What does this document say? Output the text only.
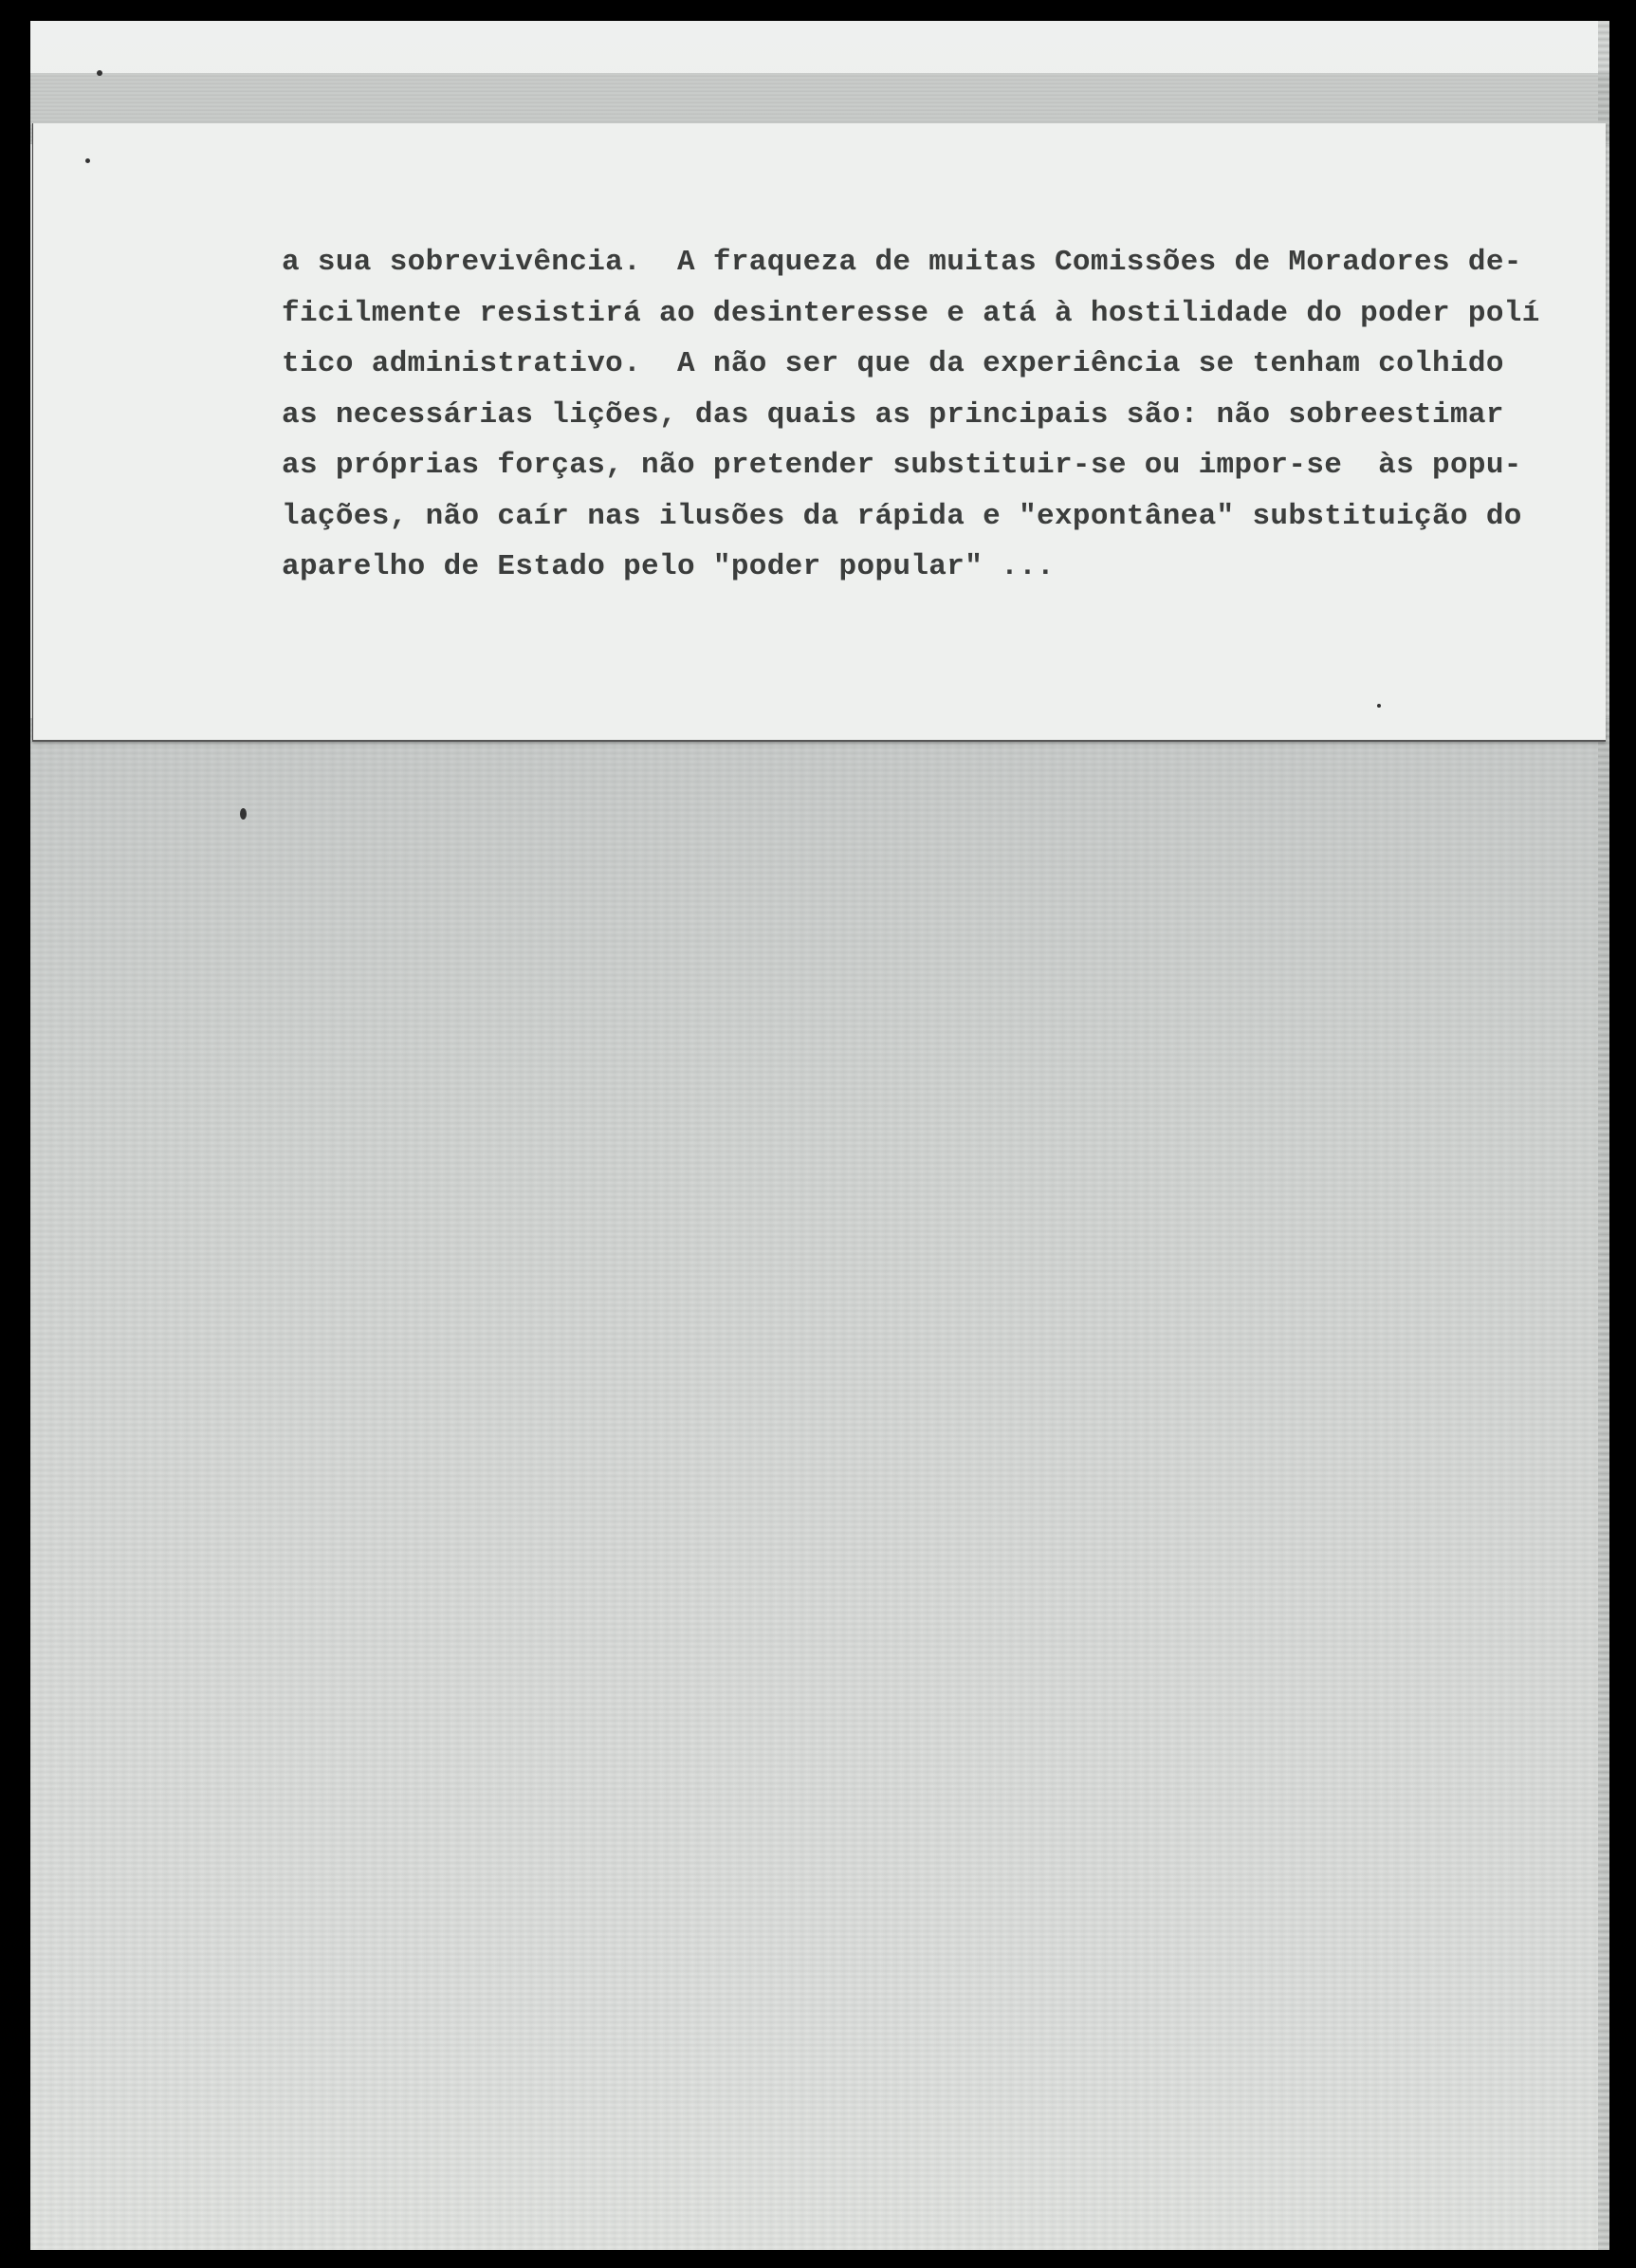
a sua sobrevivência.  A fraqueza de muitas Comissões de Moradores de-
ficilmente resistirá ao desinteresse e atá à hostilidade do poder polí
tico administrativo.  A não ser que da experiência se tenham colhido
as necessárias lições, das quais as principais são: não sobreestimar
as próprias forças, não pretender substituir-se ou impor-se  às popu-
lações, não caír nas ilusões da rápida e "expontânea" substituição do
aparelho de Estado pelo "poder popular" ...
